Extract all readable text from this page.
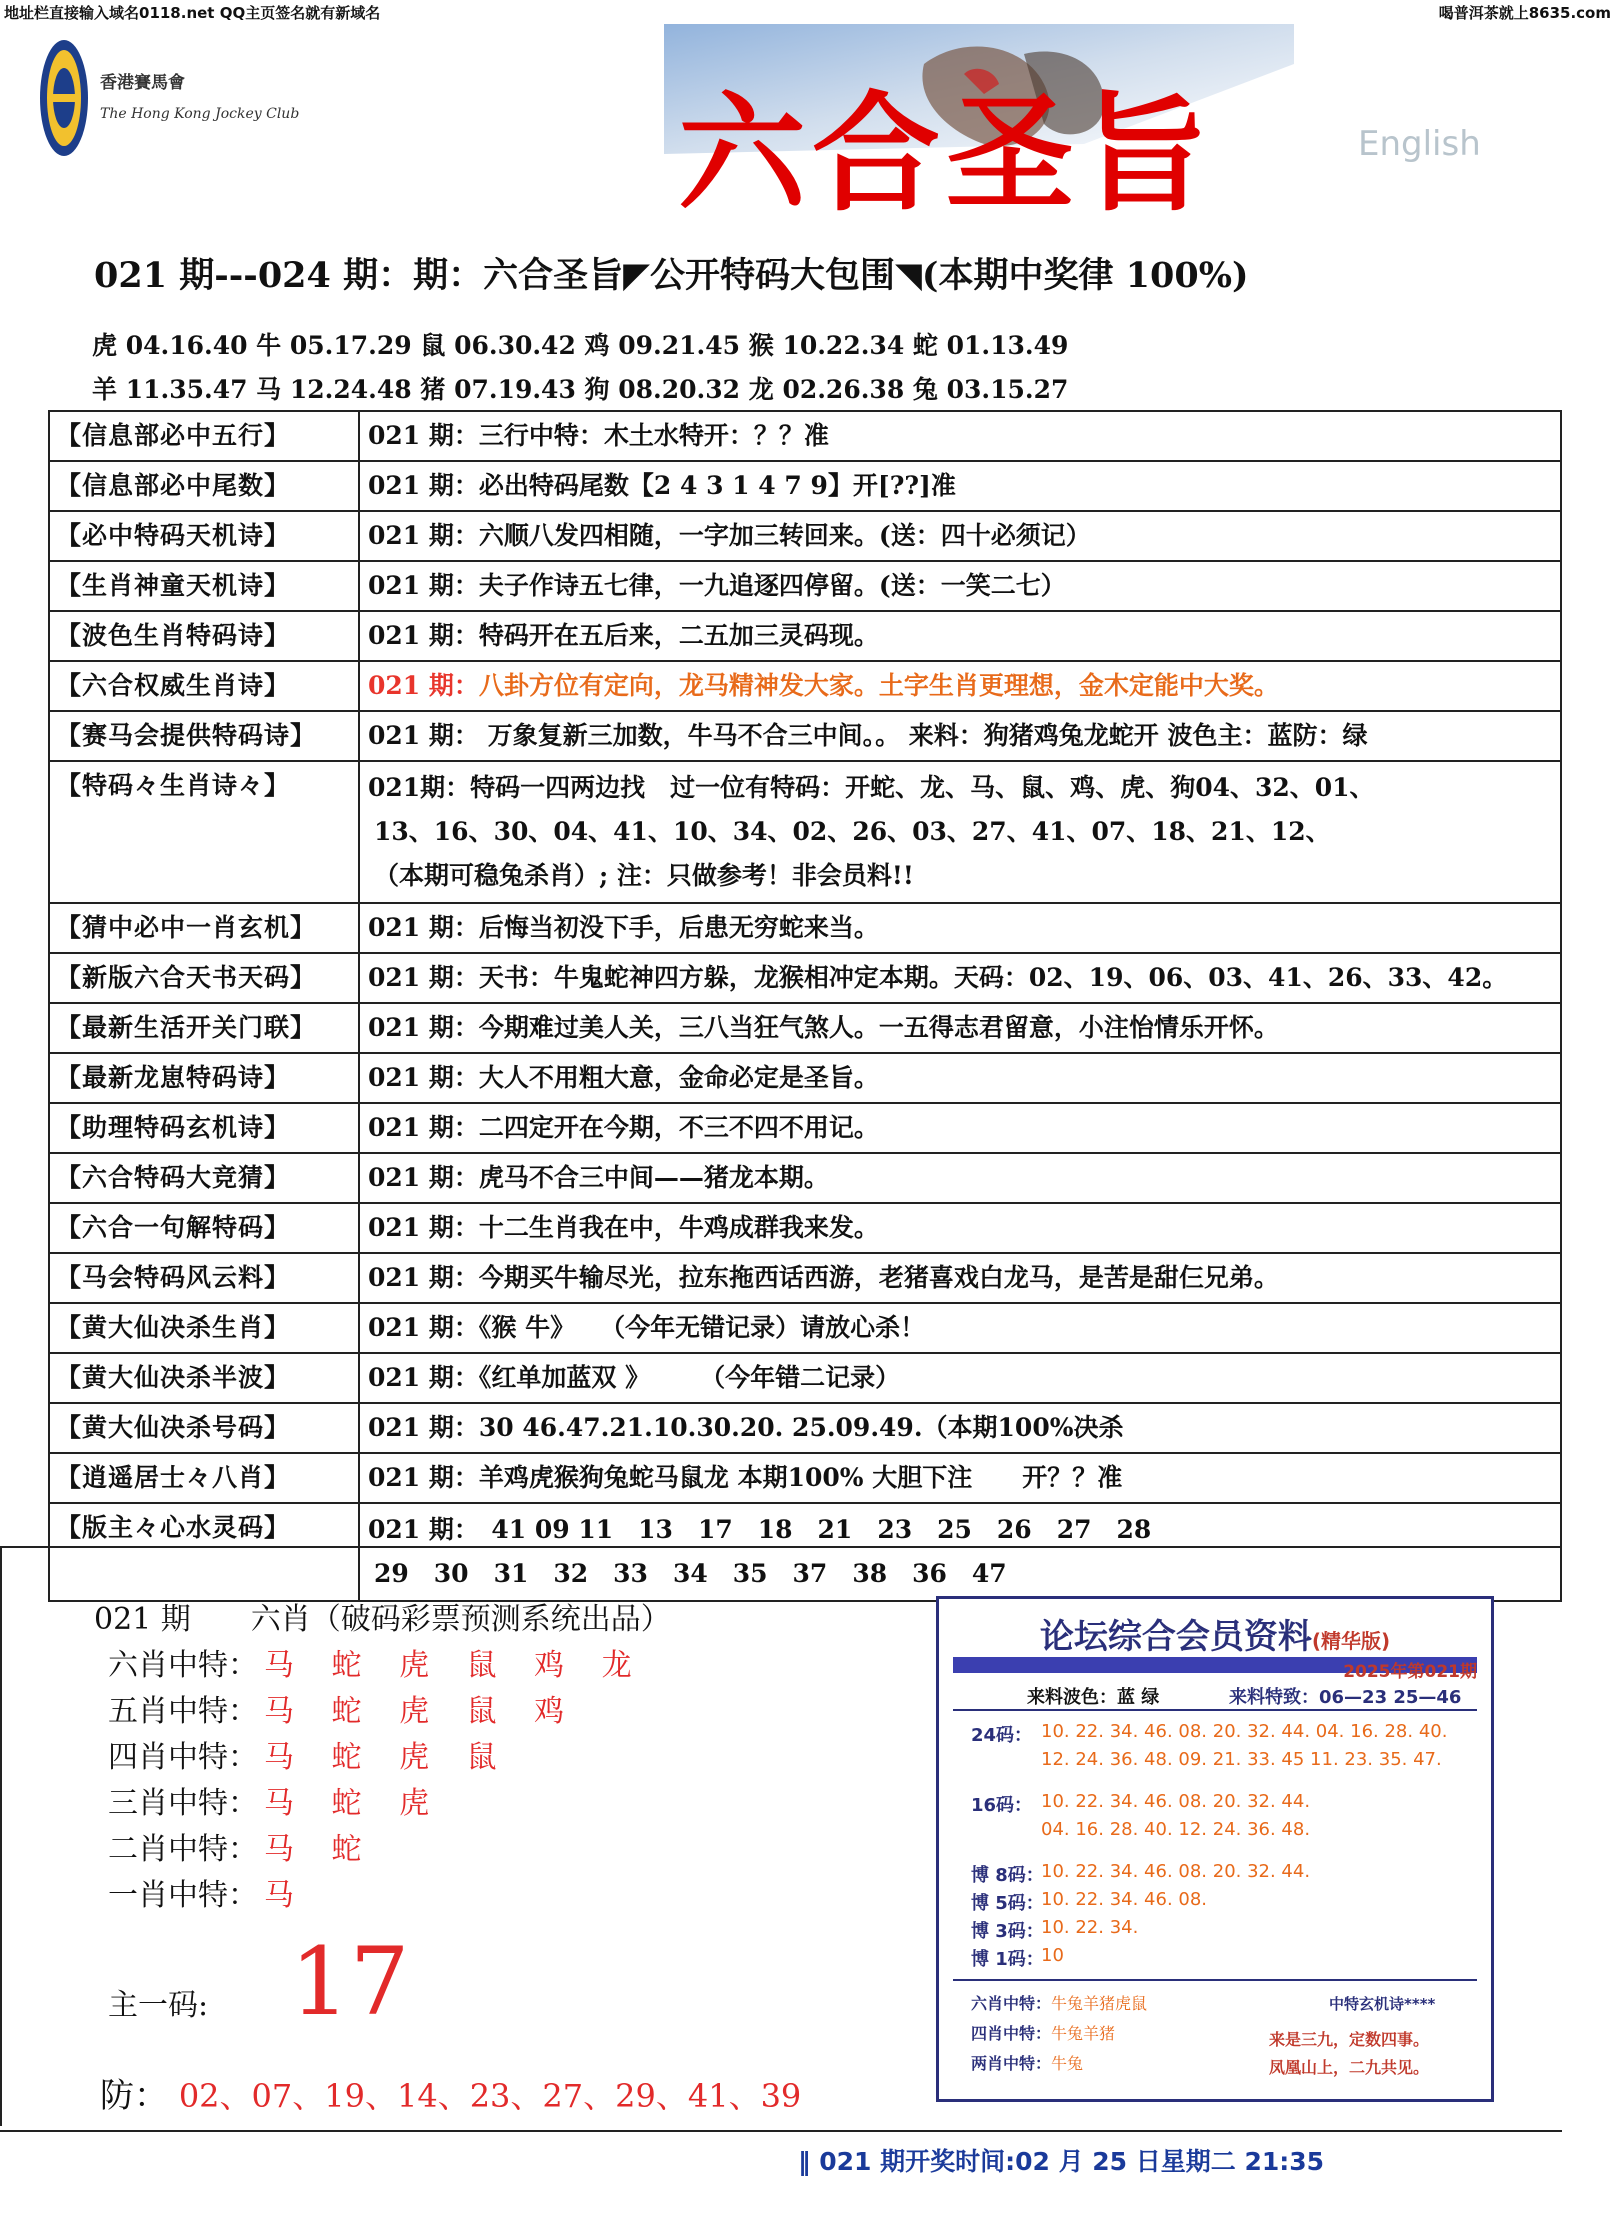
地址栏直接输入域名0118.net QQ主页签名就有新域名	喝普洱茶就上8635.com
香港賽馬會
The Hong Kong Jockey Club	六合圣旨	English
021 期---024 期：期：六合圣旨◤公开特码大包围◥(本期中奖律 100%)
虎 04.16.40 牛 05.17.29 鼠 06.30.42 鸡 09.21.45 猴 10.22.34 蛇 01.13.49
羊 11.35.47 马 12.24.48 猪 07.19.43 狗 08.20.32 龙 02.26.38 兔 03.15.27
【信息部必中五行】	021 期：三行中特：木土水特开：？？准

【信息部必中尾数】	021 期：必出特码尾数【2 4 3 1 4 7 9】开[??]准

【必中特码天机诗】	021 期：六顺八发四相随，一字加三转回来。(送：四十必须记）

【生肖神童天机诗】	021 期：夫子作诗五七律，一九追逐四停留。(送：一笑二七）

【波色生肖特码诗】	021 期：特码开在五后来，二五加三灵码现。

【六合权威生肖诗】	021 期：八卦方位有定向，龙马精神发大家。土字生肖更理想，金木定能中大奖。

【赛马会提供特码诗】	021 期： 万象复新三加数，牛马不合三中间。。 来料：狗猪鸡兔龙蛇开 波色主：蓝防：绿

【特码々生肖诗々】	021期：特码一四两边找　过一位有特码：开蛇、龙、马、鼠、鸡、虎、狗04、32、01、
13、16、30、04、41、10、34、02、26、03、27、41、07、18、21、12、
（本期可稳兔杀肖）; 注：只做参考！非会员料!!

【猜中必中一肖玄机】	021 期：后悔当初没下手，后患无穷蛇来当。

【新版六合天书天码】	021 期：天书：牛鬼蛇神四方躲，龙猴相冲定本期。天码：02、19、06、03、41、26、33、42。

【最新生活开关门联】	021 期：今期难过美人关，三八当狂气煞人。一五得志君留意，小注怡情乐开怀。

【最新龙崽特码诗】	021 期：大人不用粗大意，金命必定是圣旨。

【助理特码玄机诗】	021 期：二四定开在今期，不三不四不用记。

【六合特码大竞猜】	021 期：虎马不合三中间——猪龙本期。

【六合一句解特码】	021 期：十二生肖我在中，牛鸡成群我来发。

【马会特码风云料】	021 期：今期买牛输尽光，拉东拖西话西游，老猪喜戏白龙马，是苦是甜仨兄弟。

【黄大仙决杀生肖】	021 期：《猴 牛》　　（今年无错记录）请放心杀！

【黄大仙决杀半波】	021 期：《红单加蓝双 》　　　（今年错二记录）

【黄大仙决杀号码】	021 期：30 46.47.21.10.30.20. 25.09.49.（本期100%决杀

【逍遥居士々八肖】	021 期：羊鸡虎猴狗兔蛇马鼠龙 本期100% 大胆下注　　开？？准

【版主々心水灵码】	021 期：　41 09 11　13　17　18　21　23　25　26　27　28
29　30　31　32　33　34　35　37　38　36　47
021 期　　六肖（破码彩票预测系统出品）
六肖中特： 马 蛇 虎 鼠 鸡 龙
五肖中特： 马 蛇 虎 鼠 鸡
四肖中特： 马 蛇 虎 鼠
三肖中特： 马 蛇 虎
二肖中特： 马 蛇
一肖中特： 马
主一码: 17
防： 02、07、19、14、23、27、29、41、39
论坛综合会员资料(精华版)
2025年第021期
来料波色：蓝 绿	来料特致：06—23 25—46
24码： 10. 22. 34. 46. 08. 20. 32. 44. 04. 16. 28. 40.
12. 24. 36. 48. 09. 21. 33. 45 11. 23. 35. 47.
16码： 10. 22. 34. 46. 08. 20. 32. 44.
04. 16. 28. 40. 12. 24. 36. 48.
博 8码：
10. 22. 34. 46. 08. 20. 32. 44.
博 5码：
10. 22. 34. 46. 08.
博 3码：
10. 22. 34.
博 1码：
10
六肖中特：牛兔羊猪虎鼠
四肖中特：牛兔羊猪
两肖中特：牛兔
中特玄机诗****
来是三九，定数四事。
凤凰山上，二九共见。
‖ 021 期开奖时间:02 月 25 日星期二 21:35
